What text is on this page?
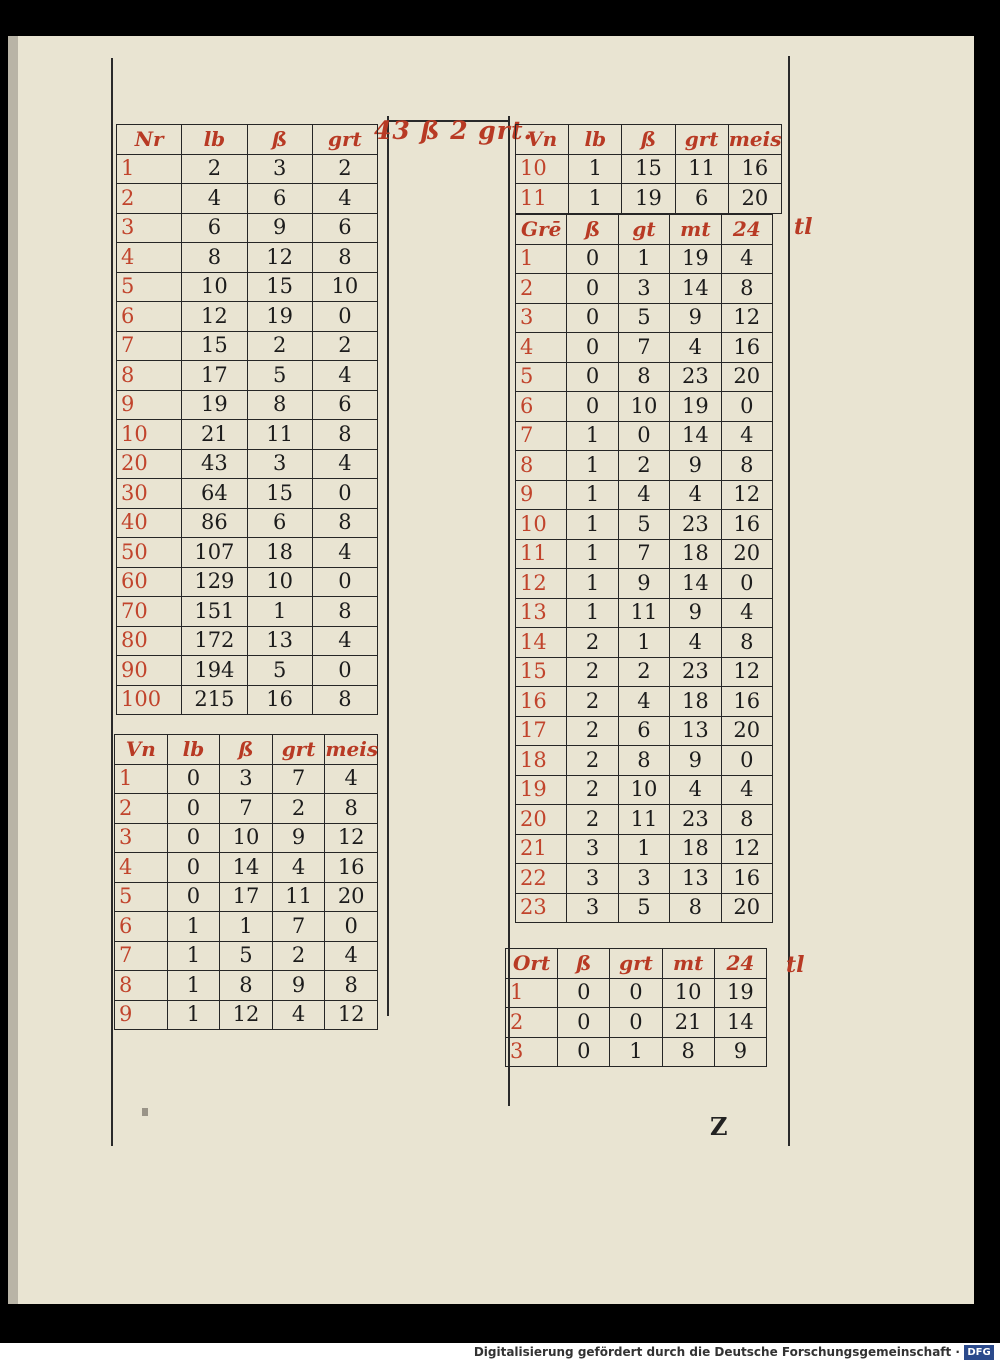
43 ß 2 grt.
Nr	lb	ß	grt
1	2	3	2
2	4	6	4
3	6	9	6
4	8	12	8
5	10	15	10
6	12	19	0
7	15	2	2
8	17	5	4
9	19	8	6
10	21	11	8
20	43	3	4
30	64	15	0
40	86	6	8
50	107	18	4
60	129	10	0
70	151	1	8
80	172	13	4
90	194	5	0
100	215	16	8
Vn	lb	ß	grt	meis
1	0	3	7	4
2	0	7	2	8
3	0	10	9	12
4	0	14	4	16
5	0	17	11	20
6	1	1	7	0
7	1	5	2	4
8	1	8	9	8
9	1	12	4	12
Vn	lb	ß	grt	meis
10	1	15	11	16
11	1	19	6	20
Grē	ß	gt	mt	24
1	0	1	19	4
2	0	3	14	8
3	0	5	9	12
4	0	7	4	16
5	0	8	23	20
6	0	10	19	0
7	1	0	14	4
8	1	2	9	8
9	1	4	4	12
10	1	5	23	16
11	1	7	18	20
12	1	9	14	0
13	1	11	9	4
14	2	1	4	8
15	2	2	23	12
16	2	4	18	16
17	2	6	13	20
18	2	8	9	0
19	2	10	4	4
20	2	11	23	8
21	3	1	18	12
22	3	3	13	16
23	3	5	8	20
tl
Ort	ß	grt	mt	24
1	0	0	10	19
2	0	0	21	14
3	0	1	8	9
tl
Z
Digitalisierung gefördert durch die Deutsche Forschungsgemeinschaft · DFG
